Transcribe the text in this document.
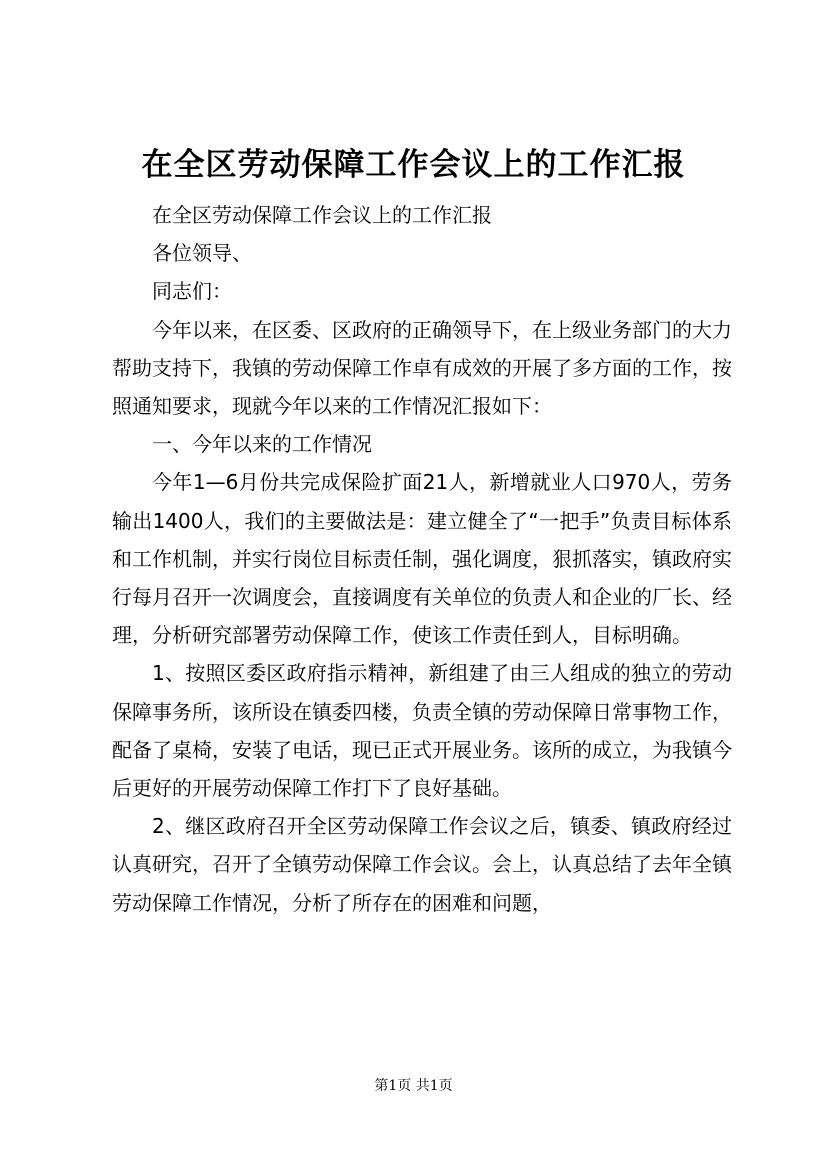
在全区劳动保障工作会议上的工作汇报

在全区劳动保障工作会议上的工作汇报

各位领导、

同志们：

今年以来，在区委、区政府的正确领导下，在上级业务部门的大力帮助支持下，我镇的劳动保障工作卓有成效的开展了多方面的工作，按照通知要求，现就今年以来的工作情况汇报如下：

一、今年以来的工作情况

今年1—6月份共完成保险扩面21人，新增就业人口970人，劳务输出1400人，我们的主要做法是：建立健全了“一把手”负责目标体系和工作机制，并实行岗位目标责任制，强化调度，狠抓落实，镇政府实行每月召开一次调度会，直接调度有关单位的负责人和企业的厂长、经理，分析研究部署劳动保障工作，使该工作责任到人，目标明确。

1、按照区委区政府指示精神，新组建了由三人组成的独立的劳动保障事务所，该所设在镇委四楼，负责全镇的劳动保障日常事物工作，配备了桌椅，安装了电话，现已正式开展业务。该所的成立，为我镇今后更好的开展劳动保障工作打下了良好基础。

2、继区政府召开全区劳动保障工作会议之后，镇委、镇政府经过认真研究，召开了全镇劳动保障工作会议。会上，认真总结了去年全镇劳动保障工作情况，分析了所存在的困难和问题，

第1页 共1页
